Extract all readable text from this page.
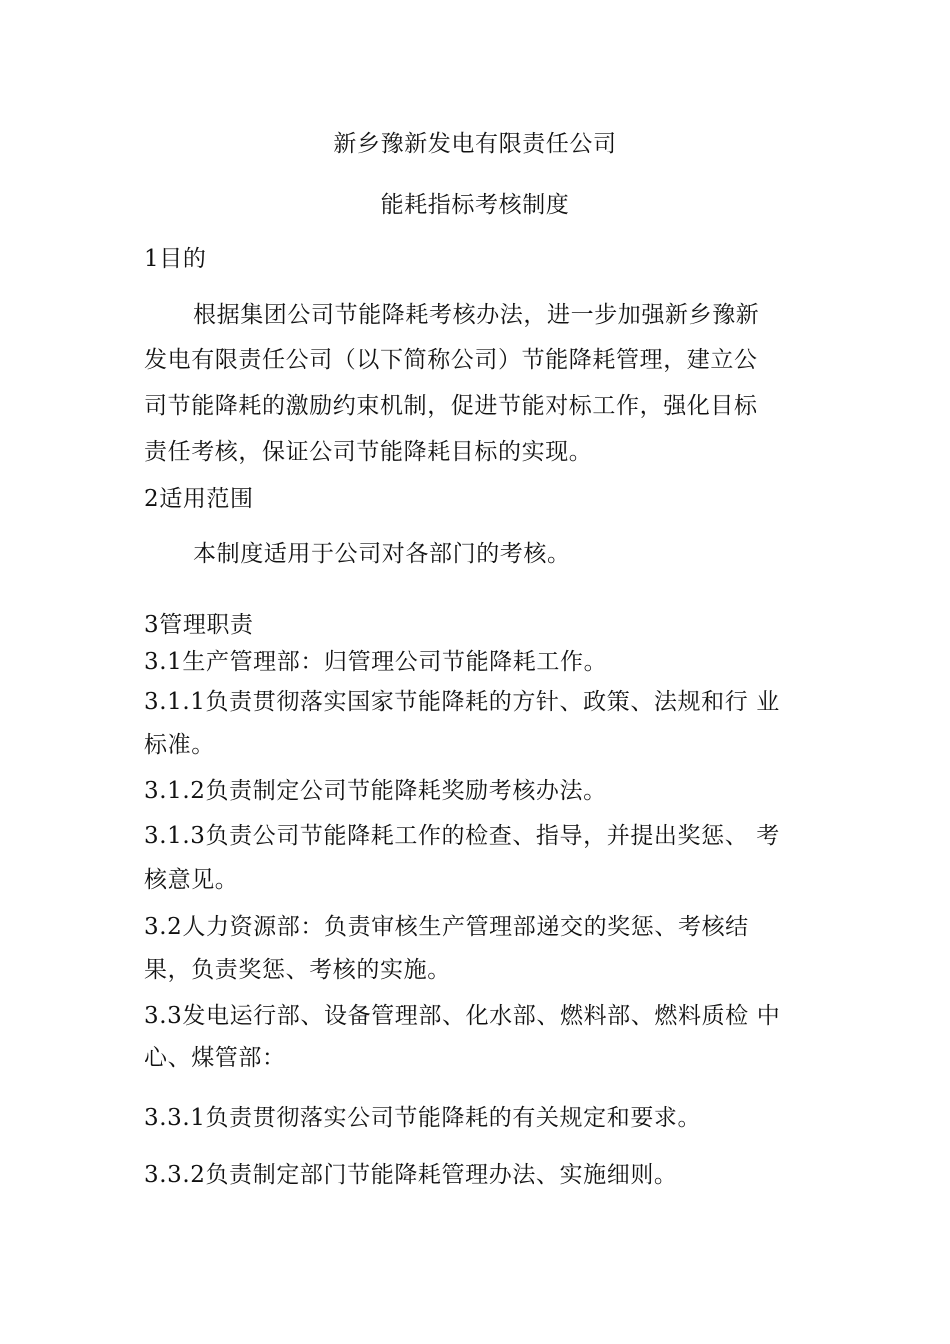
新乡豫新发电有限责任公司
能耗指标考核制度
1目的
根据集团公司节能降耗考核办法，进一步加强新乡豫新
发电有限责任公司（以下简称公司）节能降耗管理，建立公
司节能降耗的激励约束机制，促进节能对标工作，强化目标
责任考核，保证公司节能降耗目标的实现。
2适用范围
本制度适用于公司对各部门的考核。
3管理职责
3.1生产管理部：归管理公司节能降耗工作。
3.1.1负责贯彻落实国家节能降耗的方针、政策、法规和行 业
标准。
3.1.2负责制定公司节能降耗奖励考核办法。
3.1.3负责公司节能降耗工作的检查、指导，并提出奖惩、 考
核意见。
3.2人力资源部：负责审核生产管理部递交的奖惩、考核结
果，负责奖惩、考核的实施。
3.3发电运行部、设备管理部、化水部、燃料部、燃料质检 中
心、煤管部：
3.3.1负责贯彻落实公司节能降耗的有关规定和要求。
3.3.2负责制定部门节能降耗管理办法、实施细则。
